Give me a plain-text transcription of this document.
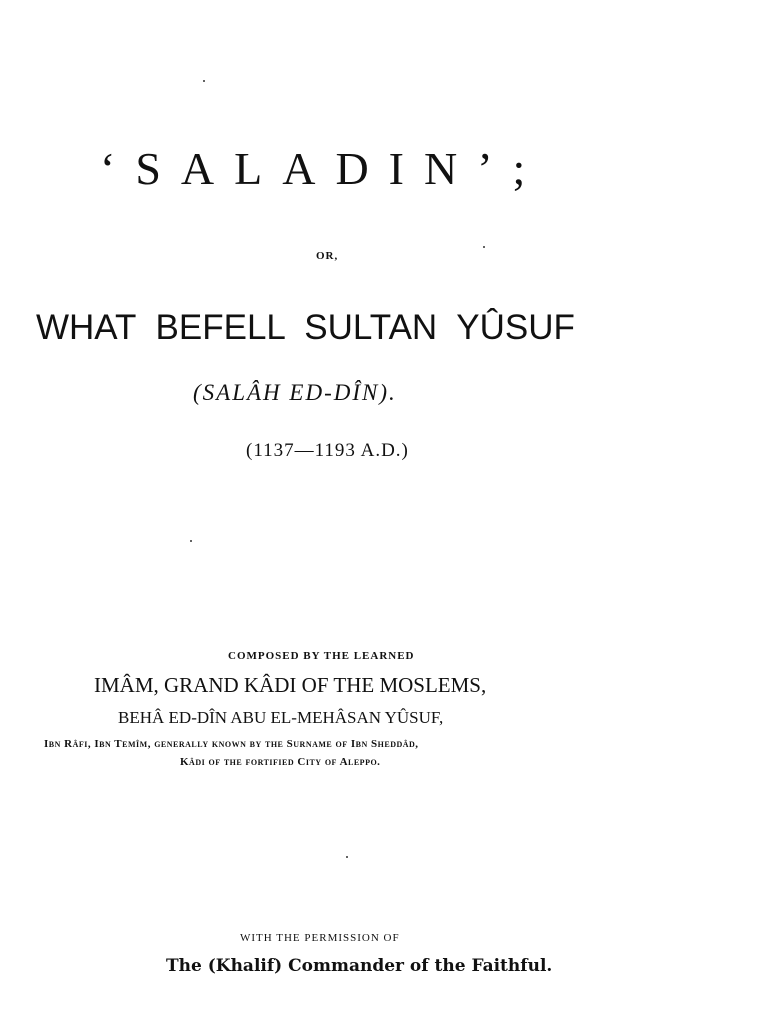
‘SALADIN’;
OR,
WHAT BEFELL SULTAN YÛSUF
(SALÂH ED-DÎN).
(1137—1193 A.D.)
COMPOSED BY THE LEARNED
IMÂM, GRAND KÂDI OF THE MOSLEMS,
BEHÂ ED-DÎN ABU EL-MEHÂSAN YÛSUF,
Ibn Râfi, Ibn Temîm, generally known by the Surname of Ibn Sheddâd,
Kâdi of the fortified City of Aleppo.
WITH THE PERMISSION OF
The (Khalif) Commander of the Faithful.
